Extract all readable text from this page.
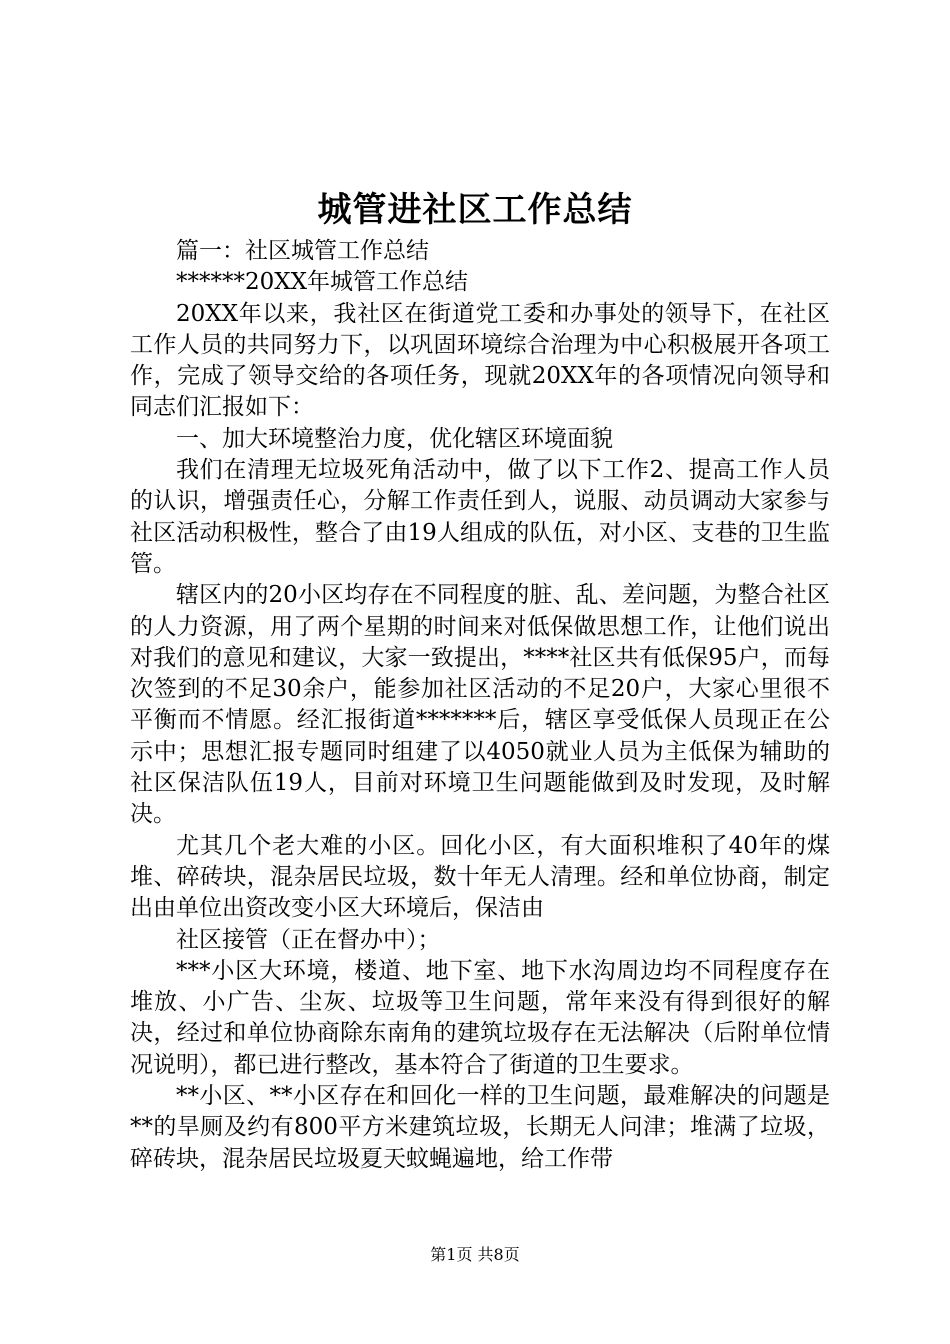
城管进社区工作总结

篇一：社区城管工作总结

******20XX年城管工作总结

20XX年以来，我社区在街道党工委和办事处的领导下，在社区工作人员的共同努力下，以巩固环境综合治理为中心积极展开各项工作，完成了领导交给的各项任务，现就20XX年的各项情况向领导和同志们汇报如下：

一、加大环境整治力度，优化辖区环境面貌

我们在清理无垃圾死角活动中，做了以下工作2、提高工作人员的认识，增强责任心，分解工作责任到人，说服、动员调动大家参与社区活动积极性，整合了由19人组成的队伍，对小区、支巷的卫生监管。

辖区内的20小区均存在不同程度的脏、乱、差问题，为整合社区的人力资源，用了两个星期的时间来对低保做思想工作，让他们说出对我们的意见和建议，大家一致提出，****社区共有低保95户，而每次签到的不足30余户，能参加社区活动的不足20户，大家心里很不平衡而不情愿。经汇报街道*******后，辖区享受低保人员现正在公示中；思想汇报专题同时组建了以4050就业人员为主低保为辅助的社区保洁队伍19人，目前对环境卫生问题能做到及时发现，及时解决。

尤其几个老大难的小区。回化小区，有大面积堆积了40年的煤堆、碎砖块，混杂居民垃圾，数十年无人清理。经和单位协商，制定出由单位出资改变小区大环境后，保洁由

社区接管（正在督办中）；

***小区大环境，楼道、地下室、地下水沟周边均不同程度存在堆放、小广告、尘灰、垃圾等卫生问题，常年来没有得到很好的解决，经过和单位协商除东南角的建筑垃圾存在无法解决（后附单位情况说明），都已进行整改，基本符合了街道的卫生要求。

**小区、**小区存在和回化一样的卫生问题，最难解决的问题是**的旱厕及约有800平方米建筑垃圾，长期无人问津；堆满了垃圾，碎砖块，混杂居民垃圾夏天蚊蝇遍地，给工作带

第1页 共8页
